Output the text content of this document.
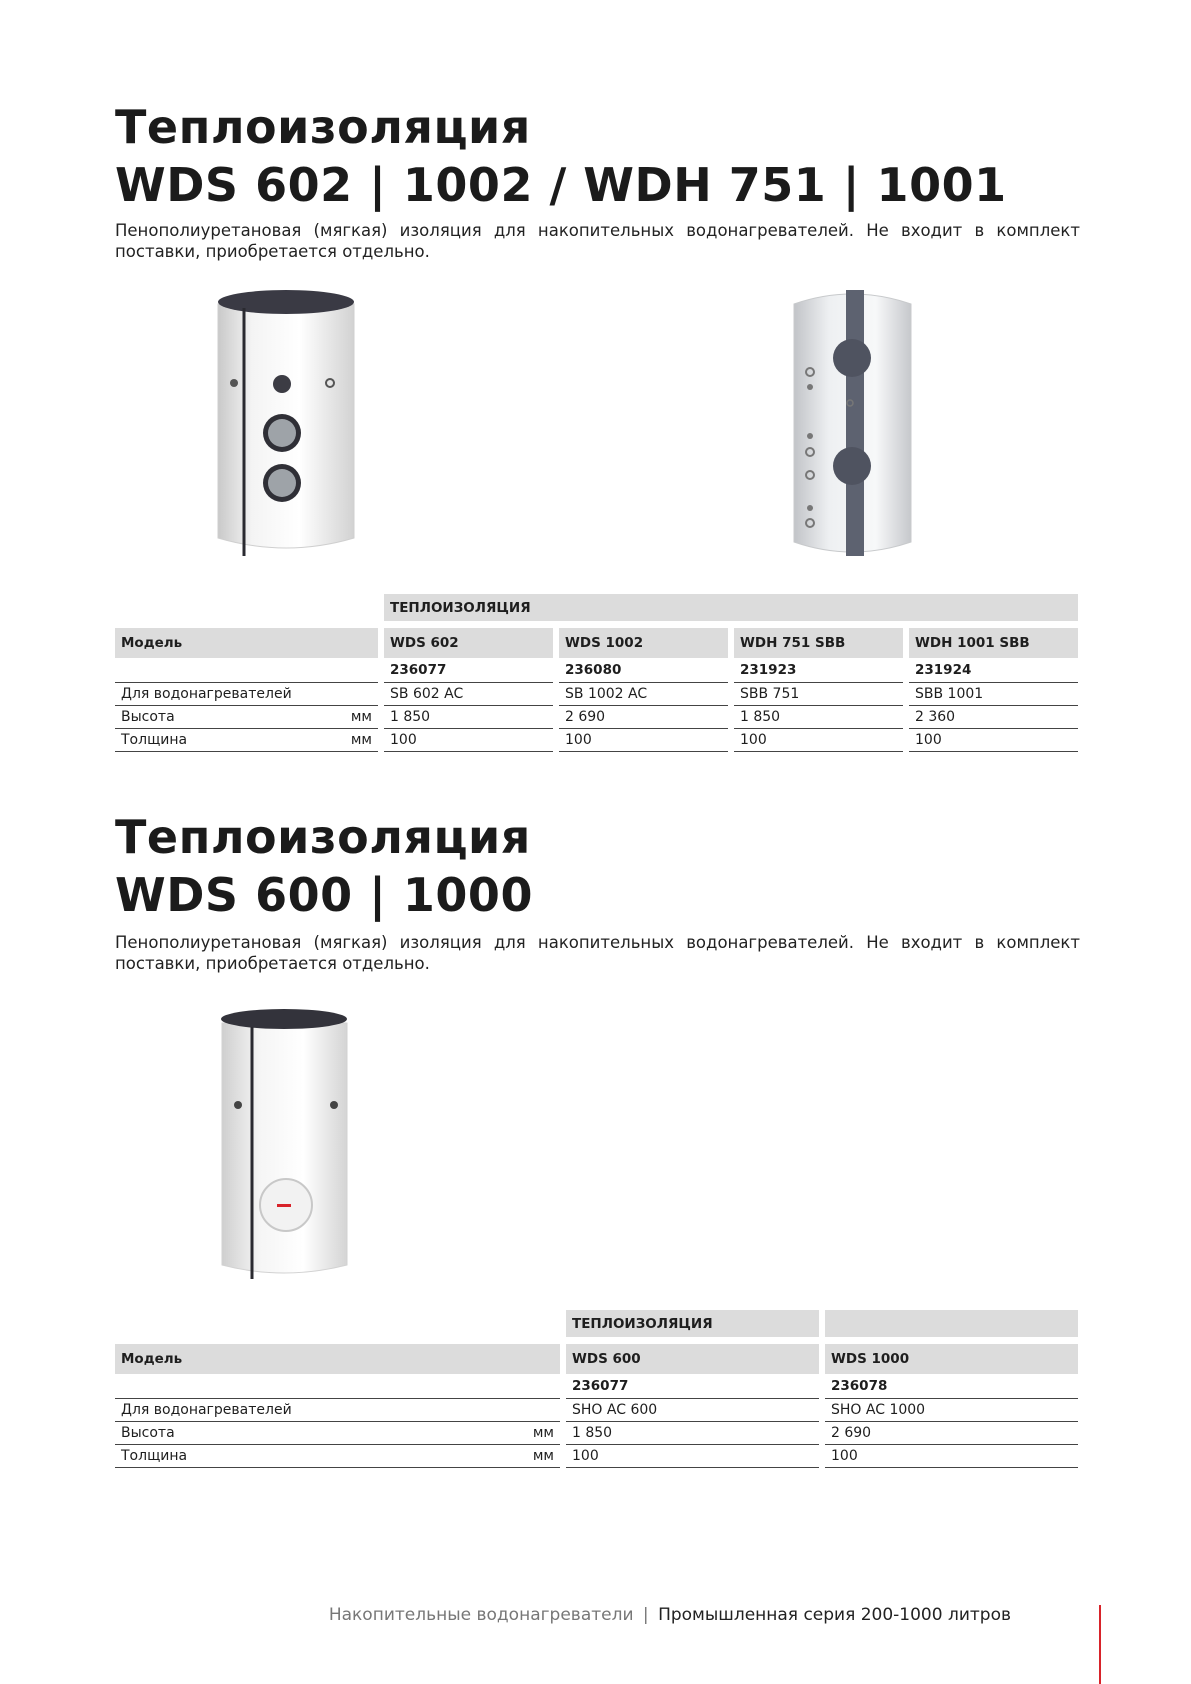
Теплоизоляция
WDS 602 | 1002 / WDH 751 | 1001

Пенополиуретановая (мягкая) изоляция для накопительных водонагревателей. Не входит в комплект поставки, приобретается отдельно.

	ТЕПЛОИЗОЛЯЦИЯ			

Модель	WDS 602	WDS 1002	WDH 751 SBB	WDH 1001 SBB
	236077	236080	231923	231924
Для водонагревателей	SB 602 AC	SB 1002 AC	SBB 751	SBB 1001
Высота мм	1 850	2 690	1 850	2 360
Толщина мм	100	100	100	100
Теплоизоляция
WDS 600 | 1000

Пенополиуретановая (мягкая) изоляция для накопительных водонагревателей. Не входит в комплект поставки, приобретается отдельно.

	ТЕПЛОИЗОЛЯЦИЯ	

Модель	WDS 600	WDS 1000
	236077	236078
Для водонагревателей	SHO AC 600	SHO AC 1000
Высота мм	1 850	2 690
Толщина мм	100	100
Накопительные водонагреватели | Промышленная серия 200-1000 литров
